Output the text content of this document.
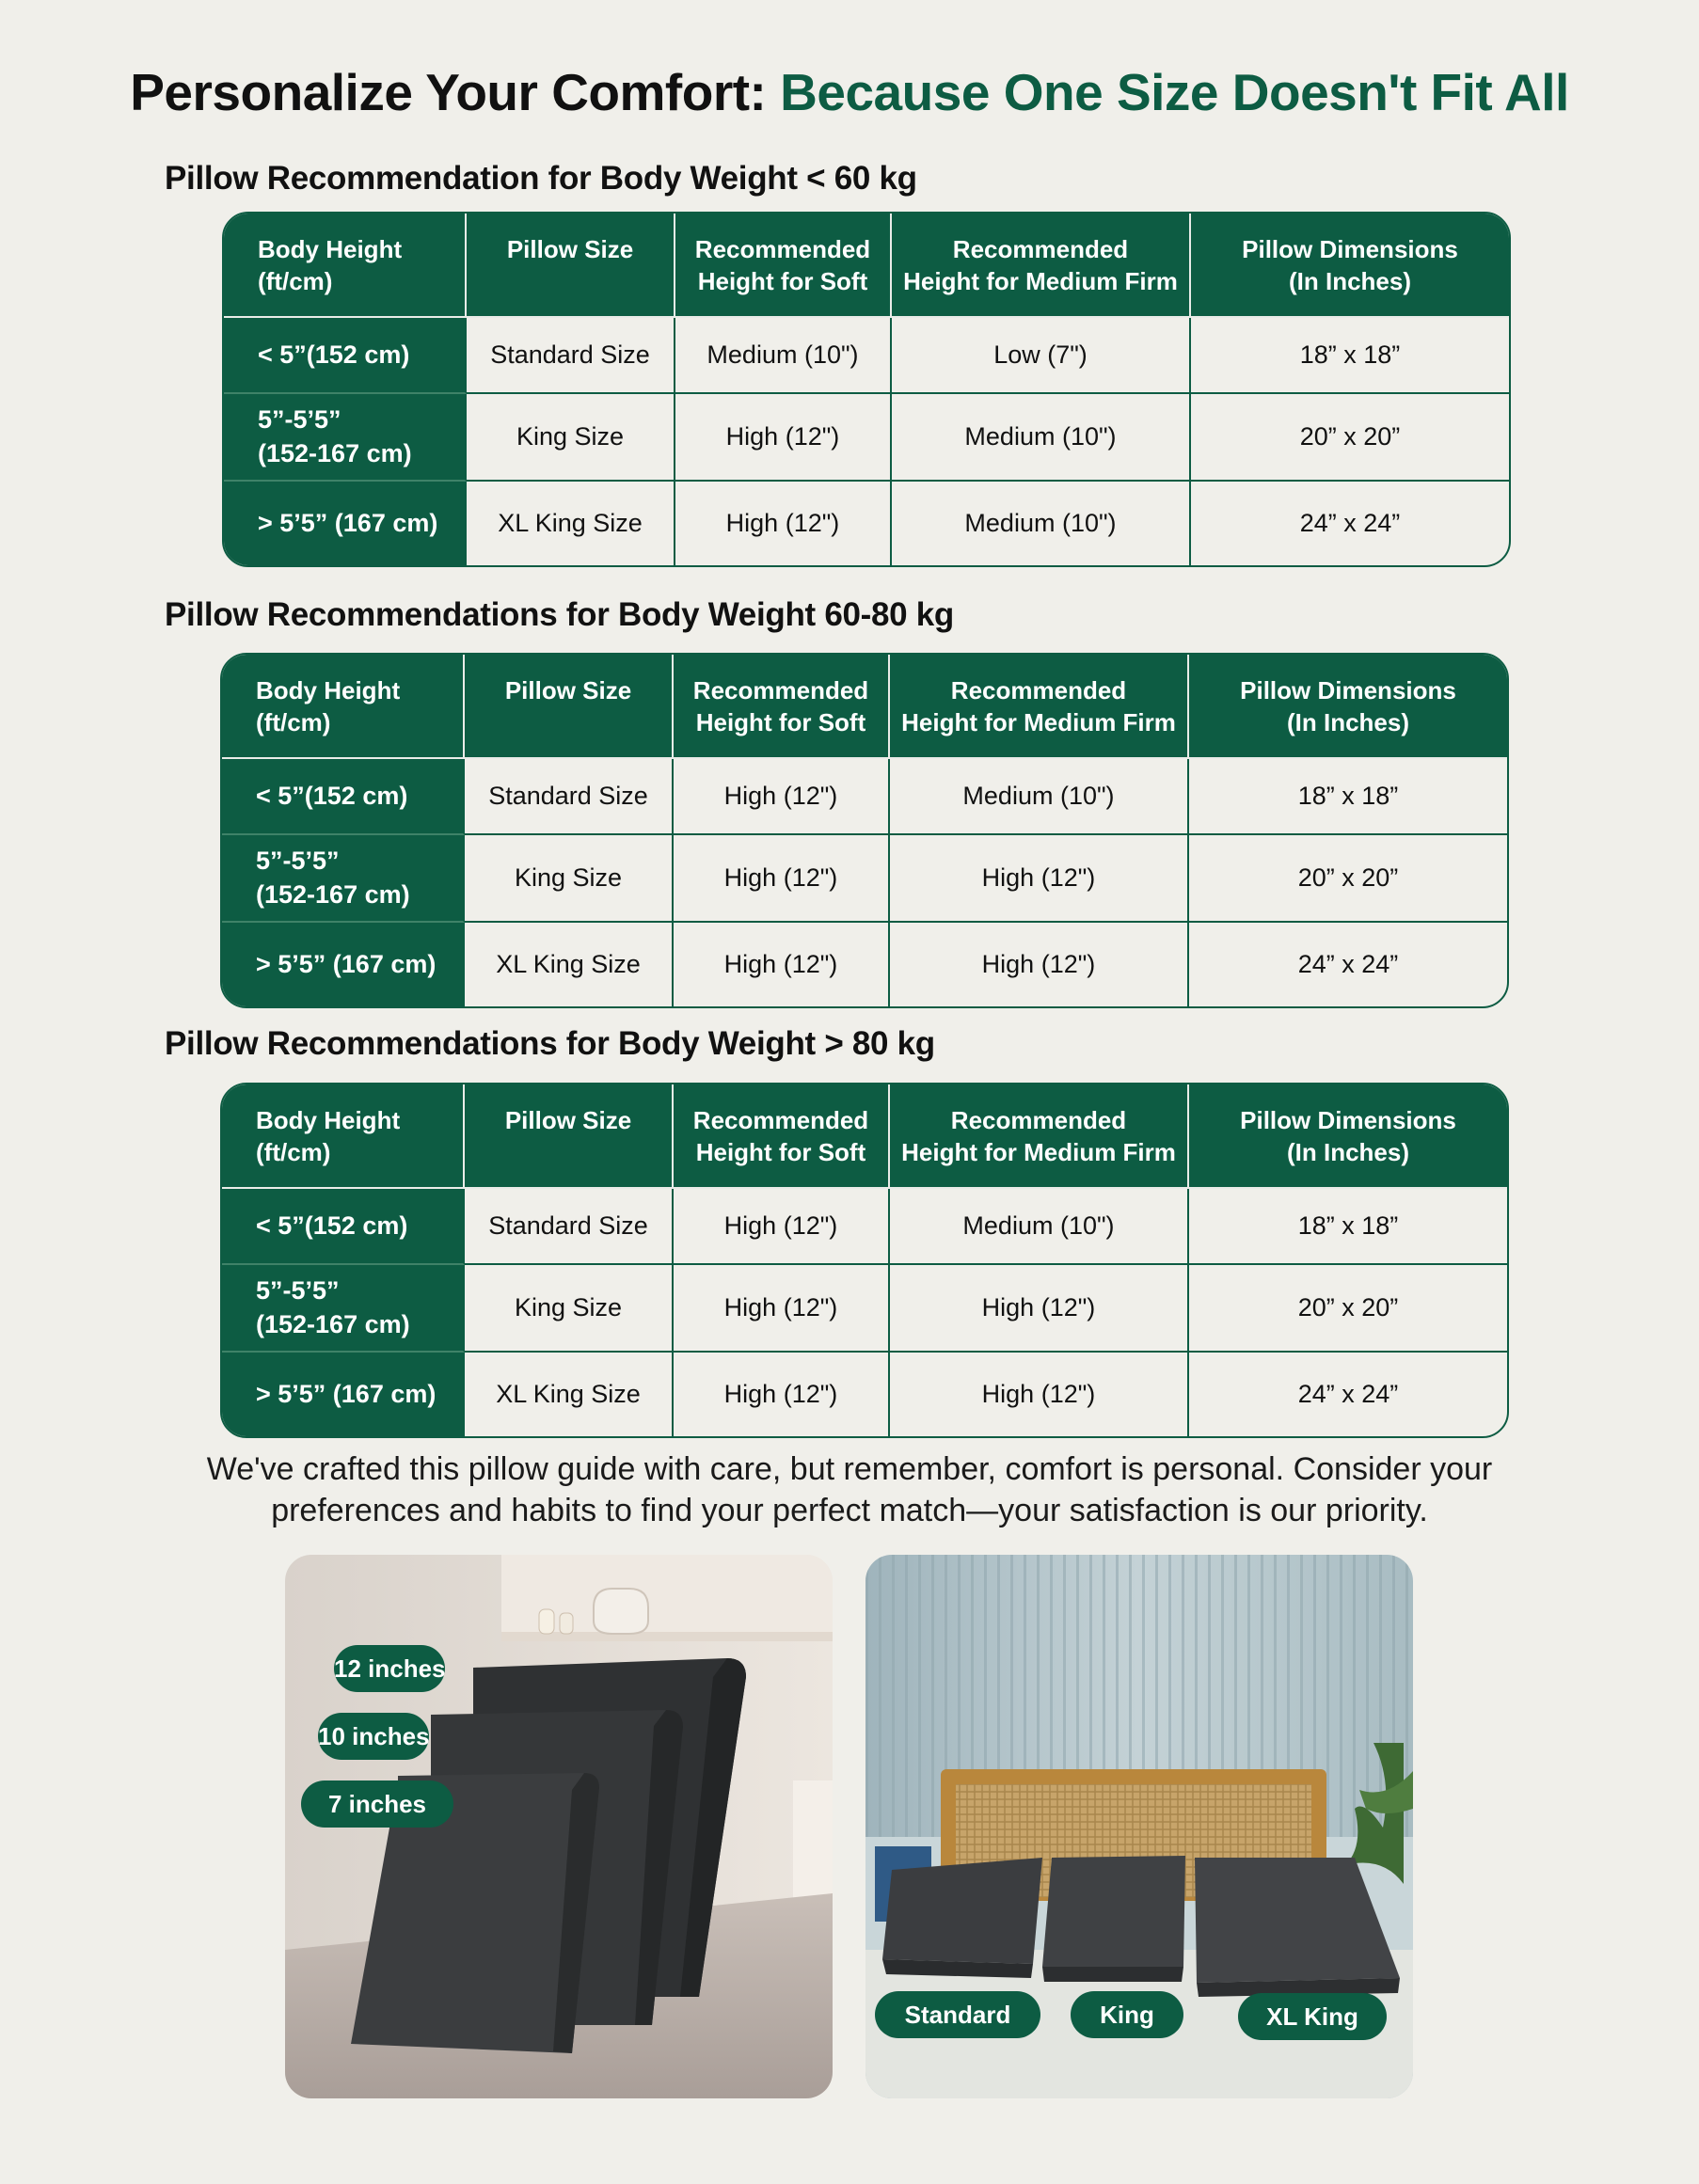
Personalize Your Comfort: Because One Size Doesn't Fit All
Pillow Recommendation for Body Weight < 60 kg
Body Height
(ft/cm)
Pillow Size	Recommended
Height for Soft
Recommended
Height for Medium Firm
Pillow Dimensions
(In Inches)
< 5”(152 cm)	Standard Size	Medium (10")	Low (7")	18” x 18”
5”-5’5”
(152-167 cm)
King Size	High (12")	Medium (10")	20” x 20”
> 5’5” (167 cm)	XL King Size	High (12")	Medium (10")	24” x 24”
Pillow Recommendations for Body Weight 60-80 kg
Body Height
(ft/cm)
Pillow Size	Recommended
Height for Soft
Recommended
Height for Medium Firm
Pillow Dimensions
(In Inches)
< 5”(152 cm)	Standard Size	High (12")	Medium (10")	18” x 18”
5”-5’5”
(152-167 cm)
King Size	High (12")	High (12")	20” x 20”
> 5’5” (167 cm)	XL King Size	High (12")	High (12")	24” x 24”
Pillow Recommendations for Body Weight > 80 kg
Body Height
(ft/cm)
Pillow Size	Recommended
Height for Soft
Recommended
Height for Medium Firm
Pillow Dimensions
(In Inches)
< 5”(152 cm)	Standard Size	High (12")	Medium (10")	18” x 18”
5”-5’5”
(152-167 cm)
King Size	High (12")	High (12")	20” x 20”
> 5’5” (167 cm)	XL King Size	High (12")	High (12")	24” x 24”
We've crafted this pillow guide with care, but remember, comfort is personal. Consider your
preferences and habits to find your perfect match—your satisfaction is our priority.
12 inches
10 inches
7 inches
Standard	King	XL King
